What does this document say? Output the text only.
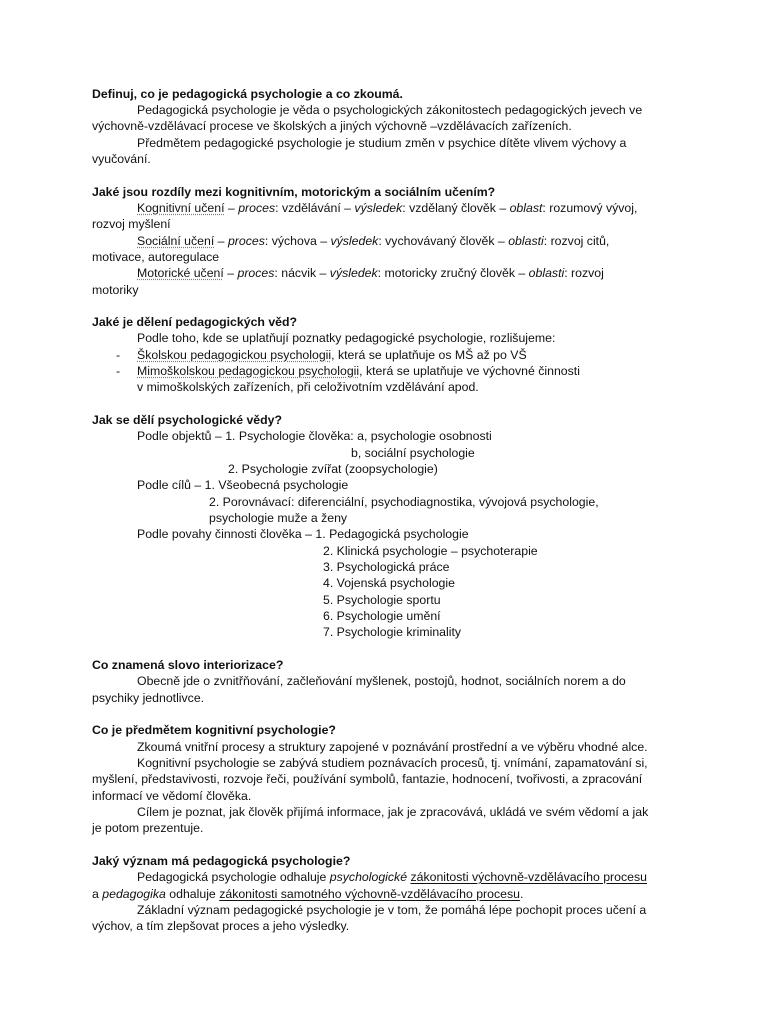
Definuj, co je pedagogická psychologie a co zkoumá.
Pedagogická psychologie je věda o psychologických zákonitostech pedagogických jevech ve
výchovně-vzdělávací procese ve školských a jiných výchovně –vzdělávacích zařízeních.
Předmětem pedagogické psychologie je studium změn v psychice dítěte vlivem výchovy a
vyučování.
Jaké jsou rozdíly mezi kognitivním, motorickým a sociálním učením?
Kognitivní učení – proces: vzdělávání – výsledek: vzdělaný člověk – oblast: rozumový vývoj,
rozvoj myšlení
Sociální učení – proces: výchova – výsledek: vychovávaný člověk – oblasti: rozvoj citů,
motivace, autoregulace
Motorické učení – proces: nácvik – výsledek: motoricky zručný člověk – oblasti: rozvoj
motoriky
Jaké je dělení pedagogických věd?
Podle toho, kde se uplatňují poznatky pedagogické psychologie, rozlišujeme:
- Školskou pedagogickou psychologii, která se uplatňuje os MŠ až po VŠ
- Mimoškolskou pedagogickou psychologii, která se uplatňuje ve výchovné činnosti
v mimoškolských zařízeních, při celoživotním vzdělávání apod.
Jak se dělí psychologické vědy?
Podle objektů – 1. Psychologie člověka: a, psychologie osobnosti
b, sociální psychologie
2. Psychologie zvířat (zoopsychologie)
Podle cílů – 1. Všeobecná psychologie
2. Porovnávací: diferenciální, psychodiagnostika, vývojová psychologie,
psychologie muže a ženy
Podle povahy činnosti člověka – 1. Pedagogická psychologie
2. Klinická psychologie – psychoterapie
3. Psychologická práce
4. Vojenská psychologie
5. Psychologie sportu
6. Psychologie umění
7. Psychologie kriminality
Co znamená slovo interiorizace?
Obecně jde o zvnitřňování, začleňování myšlenek, postojů, hodnot, sociálních norem a do
psychiky jednotlivce.
Co je předmětem kognitivní psychologie?
Zkoumá vnitřní procesy a struktury zapojené v poznávání prostřední a ve výběru vhodné alce.
Kognitivní psychologie se zabývá studiem poznávacích procesů, tj. vnímání, zapamatování si,
myšlení, představivosti, rozvoje řeči, používání symbolů, fantazie, hodnocení, tvořivosti, a zpracování
informací ve vědomí člověka.
Cílem je poznat, jak člověk přijímá informace, jak je zpracovává, ukládá ve svém vědomí a jak
je potom prezentuje.
Jaký význam má pedagogická psychologie?
Pedagogická psychologie odhaluje psychologické zákonitosti výchovně-vzdělávacího procesu
a pedagogika odhaluje zákonitosti samotného výchovně-vzdělávacího procesu.
Základní význam pedagogické psychologie je v tom, že pomáhá lépe pochopit proces učení a
výchov, a tím zlepšovat proces a jeho výsledky.
